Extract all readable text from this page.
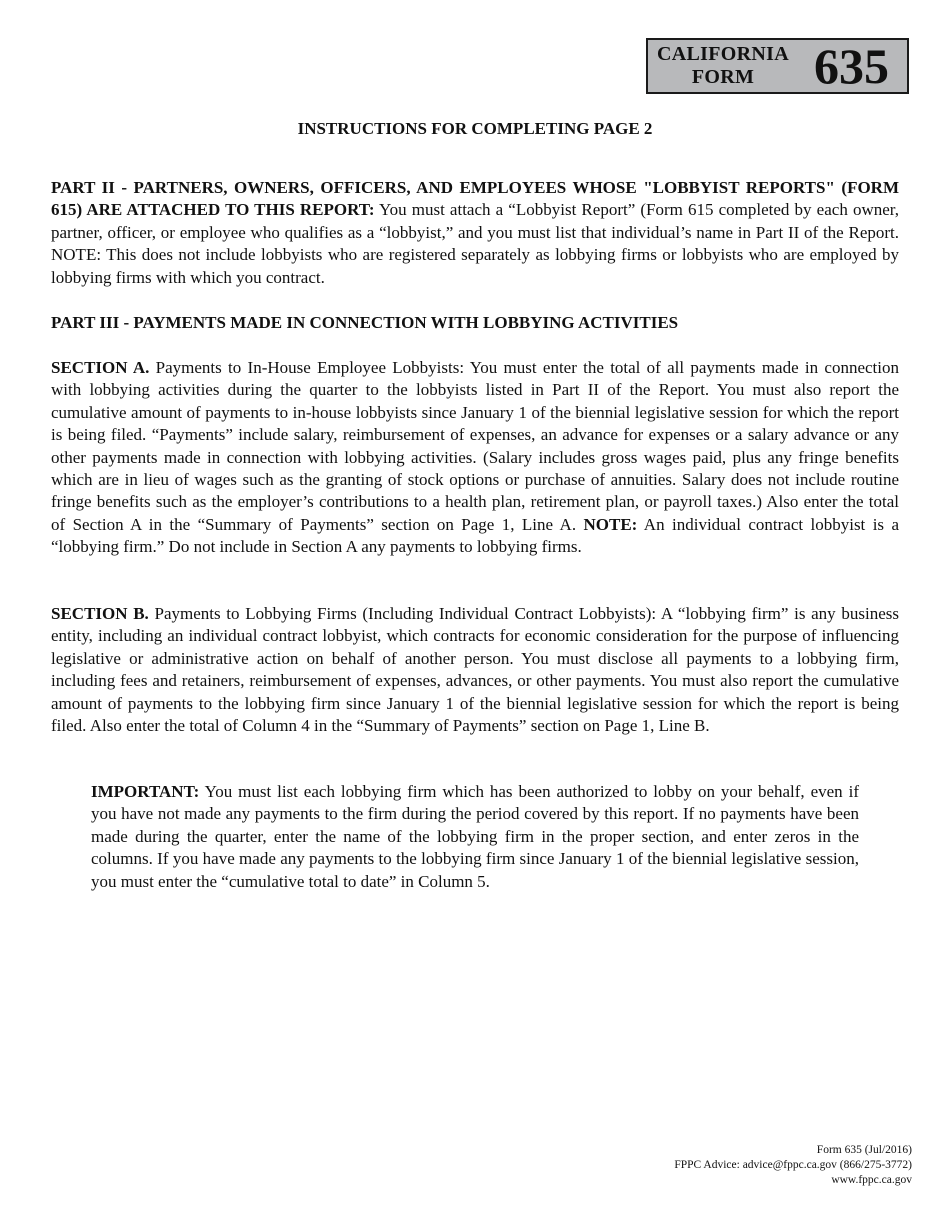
CALIFORNIA
FORM	635
INSTRUCTIONS FOR COMPLETING PAGE 2

PART II - PARTNERS, OWNERS, OFFICERS, AND EMPLOYEES WHOSE "LOBBYIST REPORTS" (FORM 615) ARE ATTACHED TO THIS REPORT: You must attach a “Lobbyist Report” (Form 615 completed by each owner, partner, officer, or employee who qualifies as a “lobbyist,” and you must list that individual’s name in Part II of the Report. NOTE: This does not include lobbyists who are registered separately as lobbying firms or lobbyists who are employed by lobbying firms with which you contract.

PART III - PAYMENTS MADE IN CONNECTION WITH LOBBYING ACTIVITIES

SECTION A. Payments to In-House Employee Lobbyists: You must enter the total of all payments made in connection with lobbying activities during the quarter to the lobbyists listed in Part II of the Report. You must also report the cumulative amount of payments to in-house lobbyists since January 1 of the biennial legislative session for which the report is being filed. “Payments” include salary, reimbursement of expenses, an advance for expenses or a salary advance or any other payments made in connection with lobbying activities. (Salary includes gross wages paid, plus any fringe benefits which are in lieu of wages such as the granting of stock options or purchase of annuities. Salary does not include routine fringe benefits such as the employer’s contributions to a health plan, retirement plan, or payroll taxes.) Also enter the total of Section A in the “Summary of Payments” section on Page 1, Line A. NOTE: An individual contract lobbyist is a “lobbying firm.” Do not include in Section A any payments to lobbying firms.

SECTION B. Payments to Lobbying Firms (Including Individual Contract Lobbyists): A “lobbying firm” is any business entity, including an individual contract lobbyist, which contracts for economic consideration for the purpose of influencing legislative or administrative action on behalf of another person. You must disclose all payments to a lobbying firm, including fees and retainers, reimbursement of expenses, advances, or other payments. You must also report the cumulative amount of payments to the lobbying firm since January 1 of the biennial legislative session for which the report is being filed. Also enter the total of Column 4 in the “Summary of Payments” section on Page 1, Line B.

IMPORTANT: You must list each lobbying firm which has been authorized to lobby on your behalf, even if you have not made any payments to the firm during the period covered by this report. If no payments have been made during the quarter, enter the name of the lobbying firm in the proper section, and enter zeros in the columns. If you have made any payments to the lobbying firm since January 1 of the biennial legislative session, you must enter the “cumulative total to date” in Column 5.

Form 635 (Jul/2016)
FPPC Advice: advice@fppc.ca.gov (866/275-3772)
www.fppc.ca.gov
